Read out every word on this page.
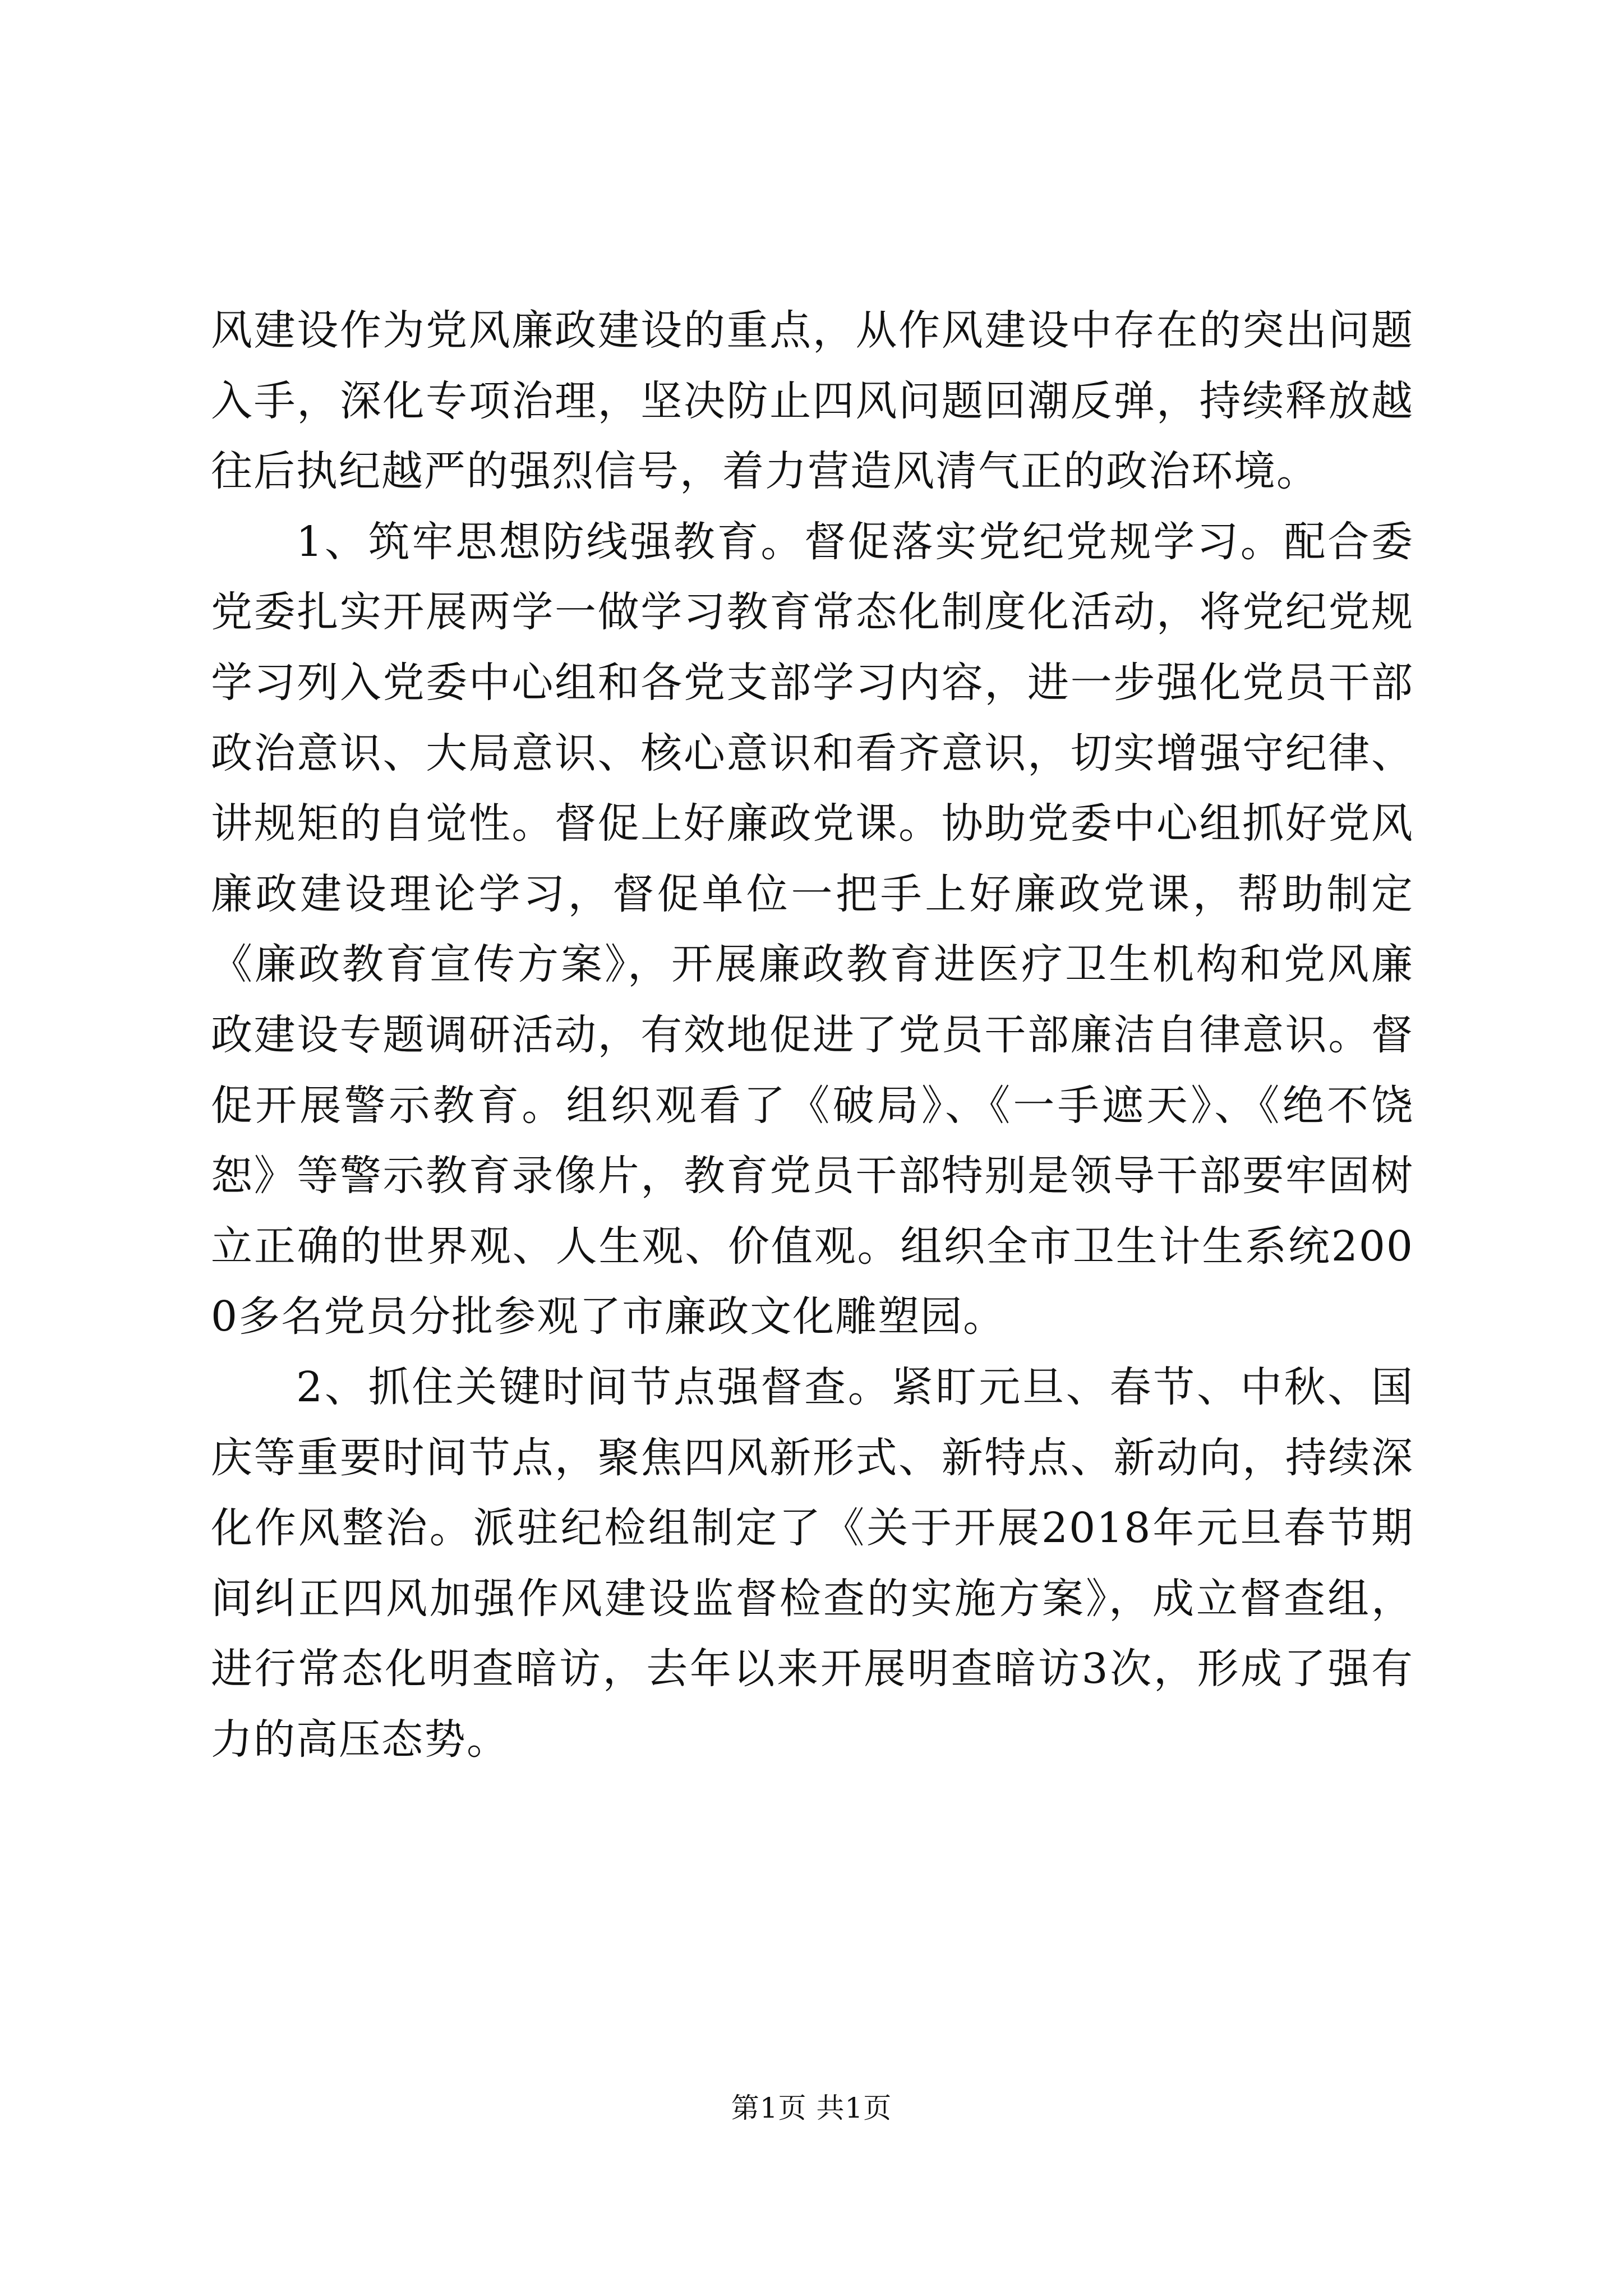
风建设作为党风廉政建设的重点，从作风建设中存在的突出问题入手，深化专项治理，坚决防止四风问题回潮反弹，持续释放越往后执纪越严的强烈信号，着力营造风清气正的政治环境。

1、筑牢思想防线强教育。督促落实党纪党规学习。配合委党委扎实开展两学一做学习教育常态化制度化活动，将党纪党规学习列入党委中心组和各党支部学习内容，进一步强化党员干部政治意识、大局意识、核心意识和看齐意识，切实增强守纪律、讲规矩的自觉性。督促上好廉政党课。协助党委中心组抓好党风廉政建设理论学习，督促单位一把手上好廉政党课，帮助制定《廉政教育宣传方案》，开展廉政教育进医疗卫生机构和党风廉政建设专题调研活动，有效地促进了党员干部廉洁自律意识。督促开展警示教育。组织观看了《破局》、《一手遮天》、《绝不饶恕》等警示教育录像片，教育党员干部特别是领导干部要牢固树立正确的世界观、人生观、价值观。组织全市卫生计生系统2000多名党员分批参观了市廉政文化雕塑园。

2、抓住关键时间节点强督查。紧盯元旦、春节、中秋、国庆等重要时间节点，聚焦四风新形式、新特点、新动向，持续深化作风整治。派驻纪检组制定了《关于开展2018年元旦春节期间纠正四风加强作风建设监督检查的实施方案》，成立督查组，进行常态化明查暗访，去年以来开展明查暗访3次，形成了强有力的高压态势。

第1页 共1页
